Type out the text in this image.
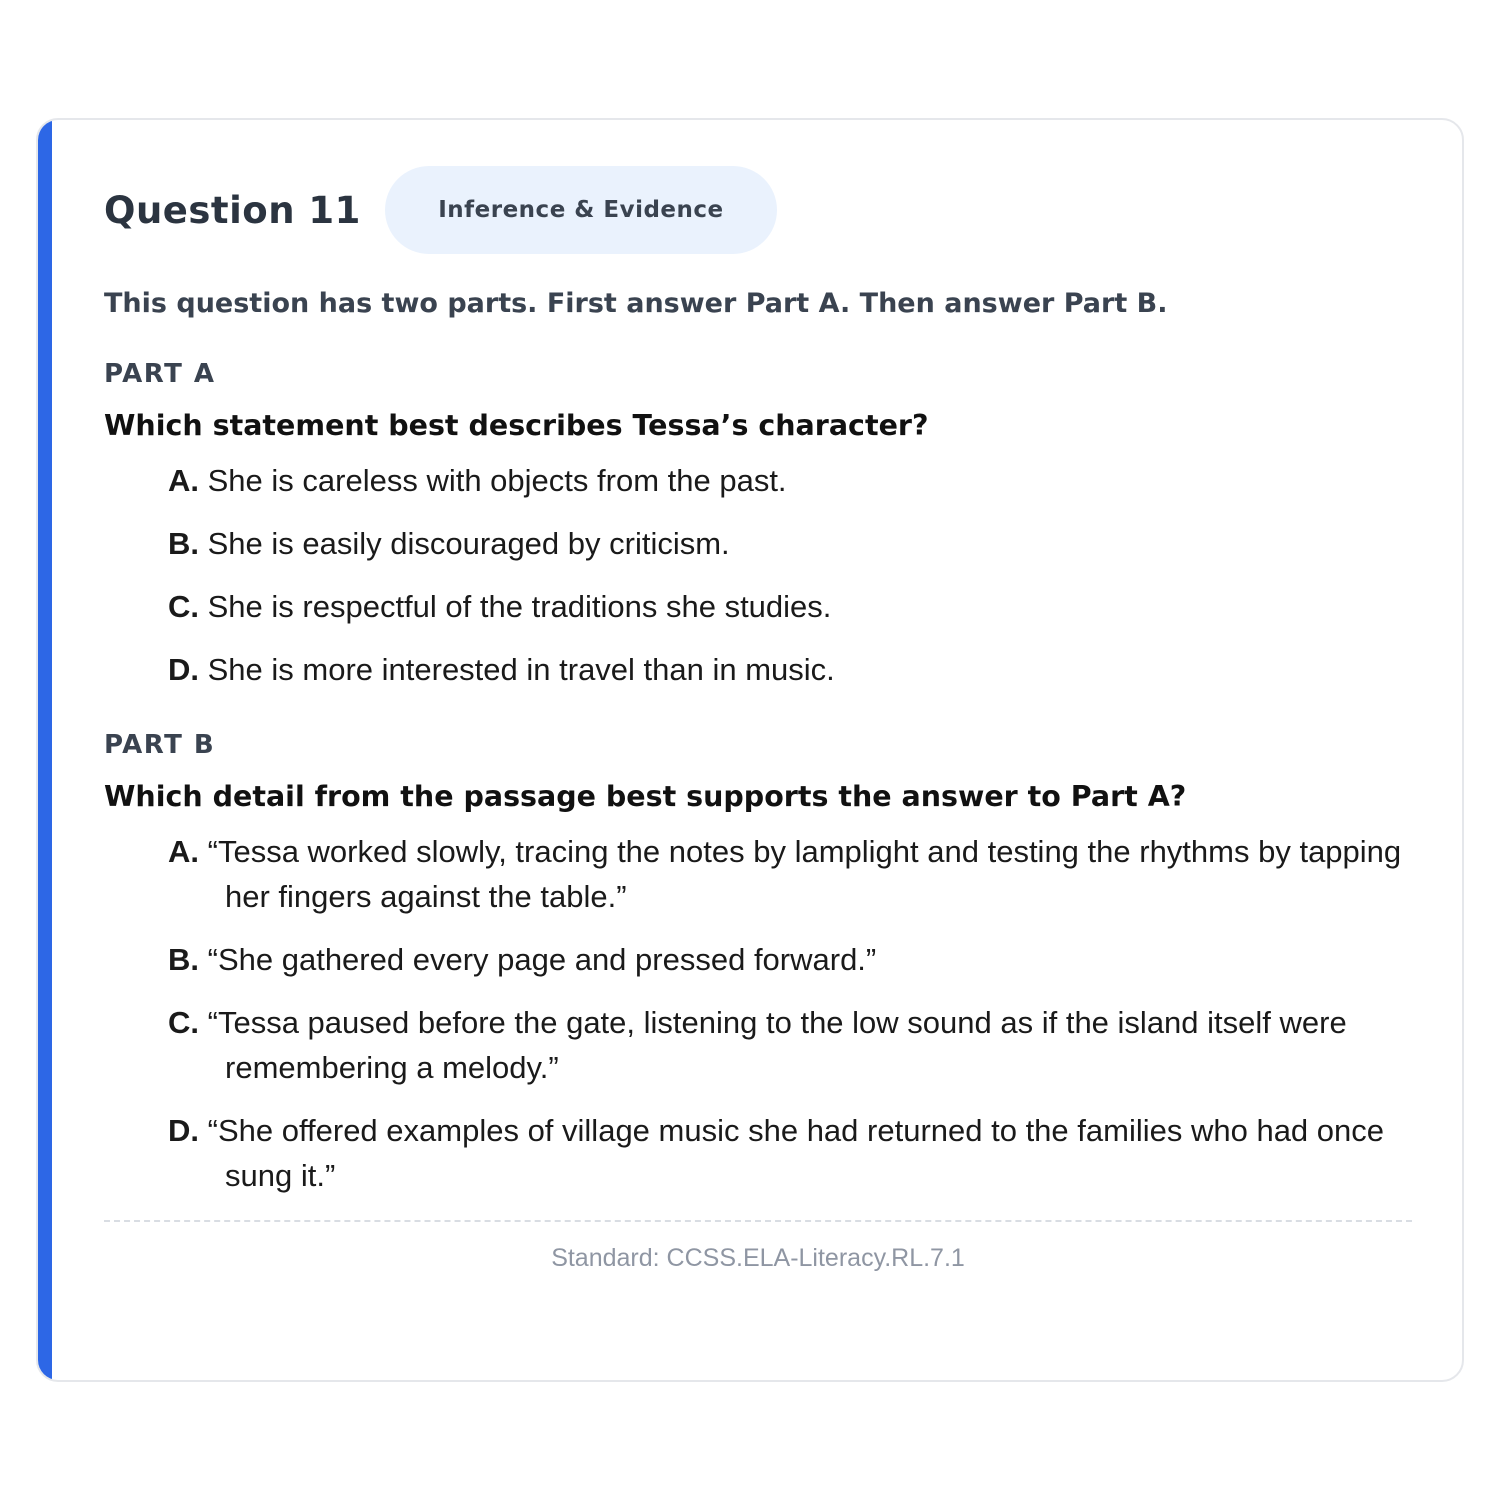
Question 11	Inference & Evidence
This question has two parts. First answer Part A. Then answer Part B.
PART A
Which statement best describes Tessa’s character?
A. She is careless with objects from the past.
B. She is easily discouraged by criticism.
C. She is respectful of the traditions she studies.
D. She is more interested in travel than in music.
PART B
Which detail from the passage best supports the answer to Part A?
A. “Tessa worked slowly, tracing the notes by lamplight and testing the rhythms by tapping her fingers against the table.”
B. “She gathered every page and pressed forward.”
C. “Tessa paused before the gate, listening to the low sound as if the island itself were remembering a melody.”
D. “She offered examples of village music she had returned to the families who had once sung it.”
Standard: CCSS.ELA-Literacy.RL.7.1
